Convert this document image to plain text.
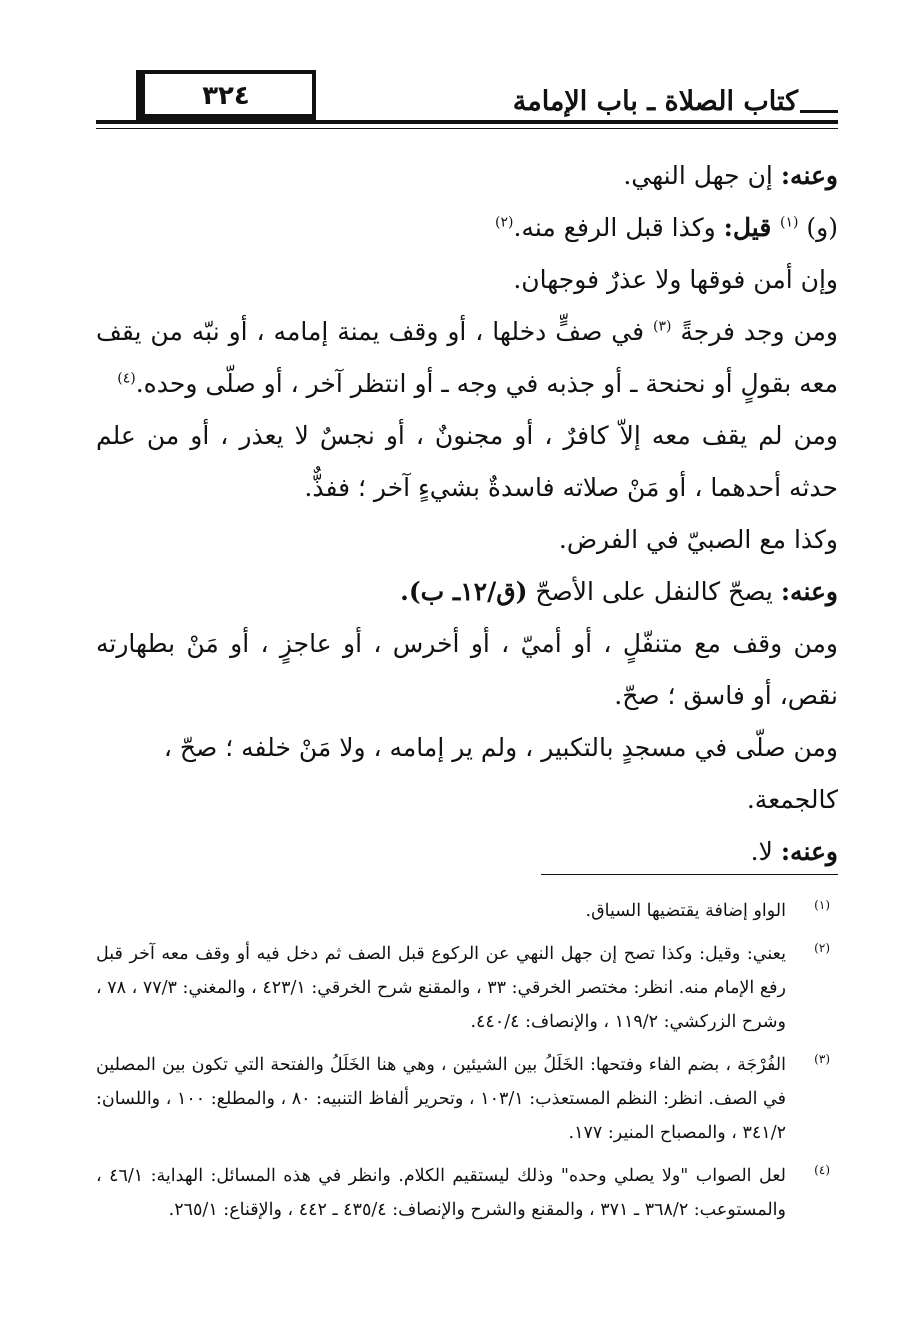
٣٢٤	كتاب الصلاة ـ باب الإمامة

وعنه: إن جهل النهي.

(و) $^{(١)}$ قيل: وكذا قبل الرفع منه.$^{(٢)}$

وإن أمن فوقها ولا عذرٌ فوجهان.

ومن وجد فرجةً $^{(٣)}$ في صفٍّ دخلها ، أو وقف يمنة إمامه ، أو نبّه من يقف معه بقولٍ أو نحنحة ـ أو جذبه في وجه ـ أو انتظر آخر ، أو صلّى وحده.$^{(٤)}$

ومن لم يقف معه إلاّ كافرٌ ، أو مجنونٌ ، أو نجسٌ لا يعذر ، أو من علم حدثه أحدهما ، أو مَنْ صلاته فاسدةٌ بشيءٍ آخر ؛ ففذٌّ.

وكذا مع الصبيّ في الفرض.

وعنه: يصحّ كالنفل على الأصحّ (ق/١٢ـ ب).

ومن وقف مع متنفّلٍ ، أو أميّ ، أو أخرس ، أو عاجزٍ ، أو مَنْ بطهارته نقص، أو فاسق ؛ صحّ.

ومن صلّى في مسجدٍ بالتكبير ، ولم ير إمامه ، ولا مَنْ خلفه ؛ صحّ ، كالجمعة.

وعنه: لا.

(١)
الواو إضافة يقتضيها السياق.
(٢)
يعني: وقيل: وكذا تصح إن جهل النهي عن الركوع قبل الصف ثم دخل فيه أو وقف معه آخر قبل رفع الإمام منه. انظر: مختصر الخرقي: ٣٣ ، والمقنع شرح الخرقي: ٤٢٣/١ ، والمغني: ٧٧/٣ ، ٧٨ ، وشرح الزركشي: ١١٩/٢ ، والإنصاف: ٤٤٠/٤.
(٣)
الفُرْجَة ، بضم الفاء وفتحها: الخَلَلُ بين الشيئين ، وهي هنا الخَلَلُ والفتحة التي تكون بين المصلين في الصف. انظر: النظم المستعذب: ١٠٣/١ ، وتحرير ألفاظ التنبيه: ٨٠ ، والمطلع: ١٠٠ ، واللسان: ٣٤١/٢ ، والمصباح المنير: ١٧٧.
(٤)
لعل الصواب "ولا يصلي وحده" وذلك ليستقيم الكلام. وانظر في هذه المسائل: الهداية: ٤٦/١ ، والمستوعب: ٣٦٨/٢ ـ ٣٧١ ، والمقنع والشرح والإنصاف: ٤٣٥/٤ ـ ٤٤٢ ، والإقناع: ٢٦٥/١.
